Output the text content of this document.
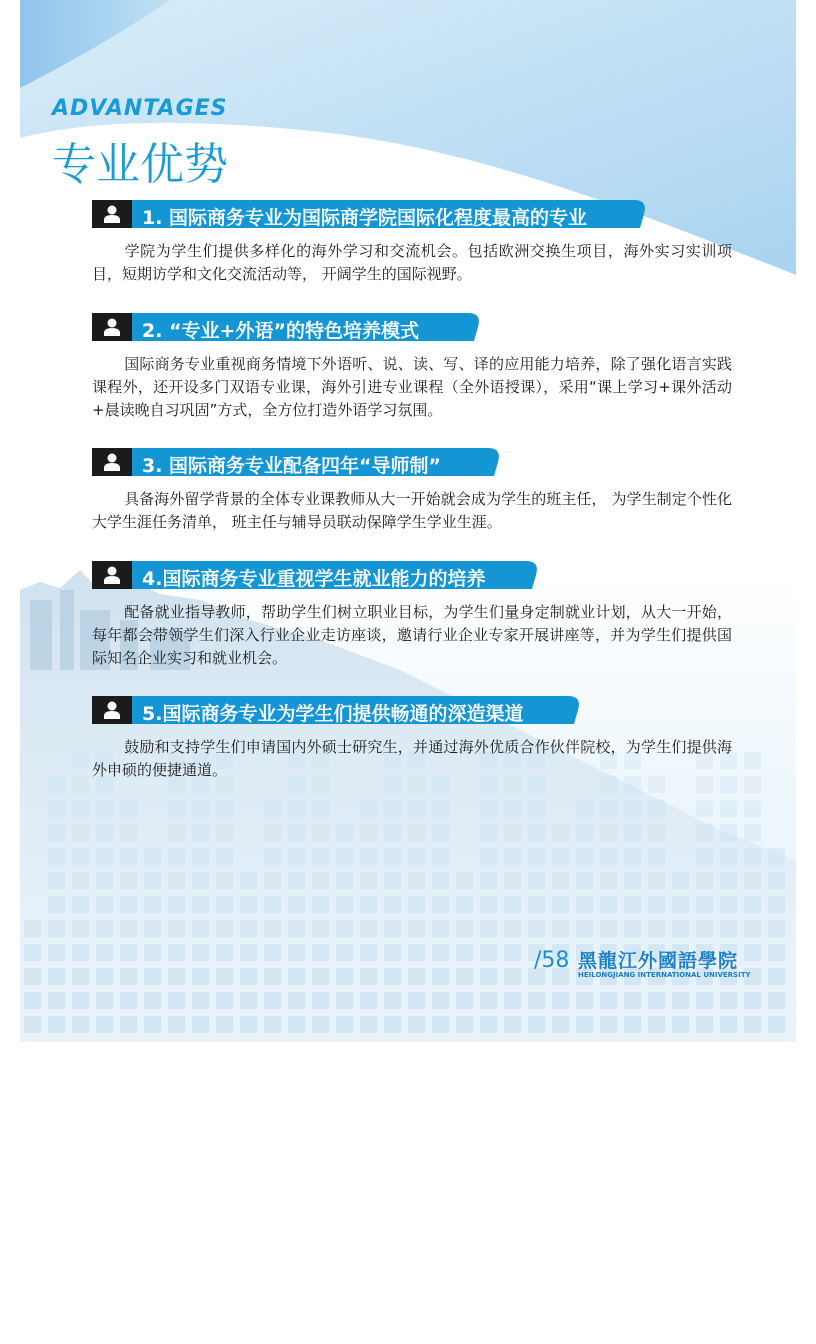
ADVANTAGES
专业优势
1. 国际商务专业为国际商学院国际化程度最高的专业
学院为学生们提供多样化的海外学习和交流机会。包括欧洲交换生项目，海外实习实训项目，短期访学和文化交流活动等， 开阔学生的国际视野。
2. “专业+外语”的特色培养模式
国际商务专业重视商务情境下外语听、说、读、写、译的应用能力培养，除了强化语言实践课程外，还开设多门双语专业课，海外引进专业课程（全外语授课），采用“课上学习+课外活动+晨读晚自习巩固”方式，全方位打造外语学习氛围。
3. 国际商务专业配备四年“导师制”
具备海外留学背景的全体专业课教师从大一开始就会成为学生的班主任， 为学生制定个性化大学生涯任务清单， 班主任与辅导员联动保障学生学业生涯。
4.国际商务专业重视学生就业能力的培养
配备就业指导教师，帮助学生们树立职业目标，为学生们量身定制就业计划，从大一开始，每年都会带领学生们深入行业企业走访座谈，邀请行业企业专家开展讲座等，并为学生们提供国际知名企业实习和就业机会。
5.国际商务专业为学生们提供畅通的深造渠道
鼓励和支持学生们申请国内外硕士研究生，并通过海外优质合作伙伴院校，为学生们提供海外申硕的便捷通道。
/58 黑龍江外國語學院
HEILONGJIANG INTERNATIONAL UNIVERSITY
